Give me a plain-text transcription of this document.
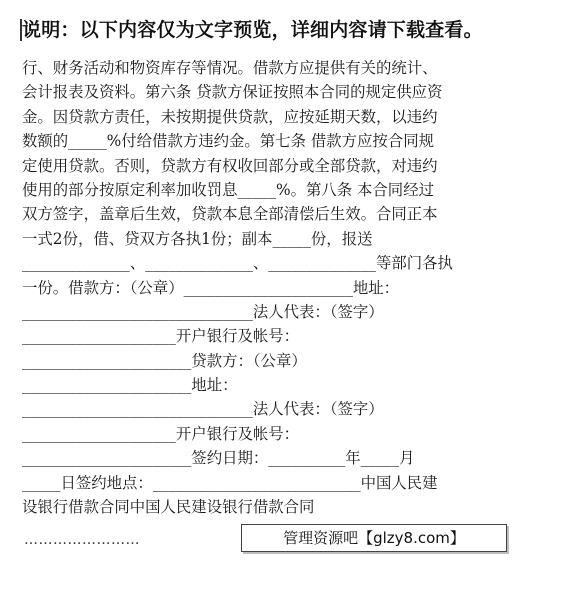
说明：以下内容仅为文字预览，详细内容请下载查看。
行、财务活动和物资库存等情况。借款方应提供有关的统计、
会计报表及资料。第六条 贷款方保证按照本合同的规定供应资
金。因贷款方责任，未按期提供贷款，应按延期天数，以违约
数额的_____%付给借款方违约金。第七条 借款方应按合同规
定使用贷款。否则，贷款方有权收回部分或全部贷款，对违约
使用的部分按原定利率加收罚息_____%。第八条 本合同经过
双方签字，盖章后生效，贷款本息全部清偿后生效。合同正本
一式2份，借、贷双方各执1份；副本_____份，报送
______________、______________、______________等部门各执
一份。借款方：（公章）______________________地址：
______________________________法人代表：（签字）
____________________开户银行及帐号：
______________________贷款方：（公章）
______________________地址：
______________________________法人代表：（签字）
____________________开户银行及帐号：
______________________签约日期：__________年_____月
_____日签约地点：___________________________中国人民建
设银行借款合同中国人民建设银行借款合同
……………………	管理资源吧【glzy8.com】
